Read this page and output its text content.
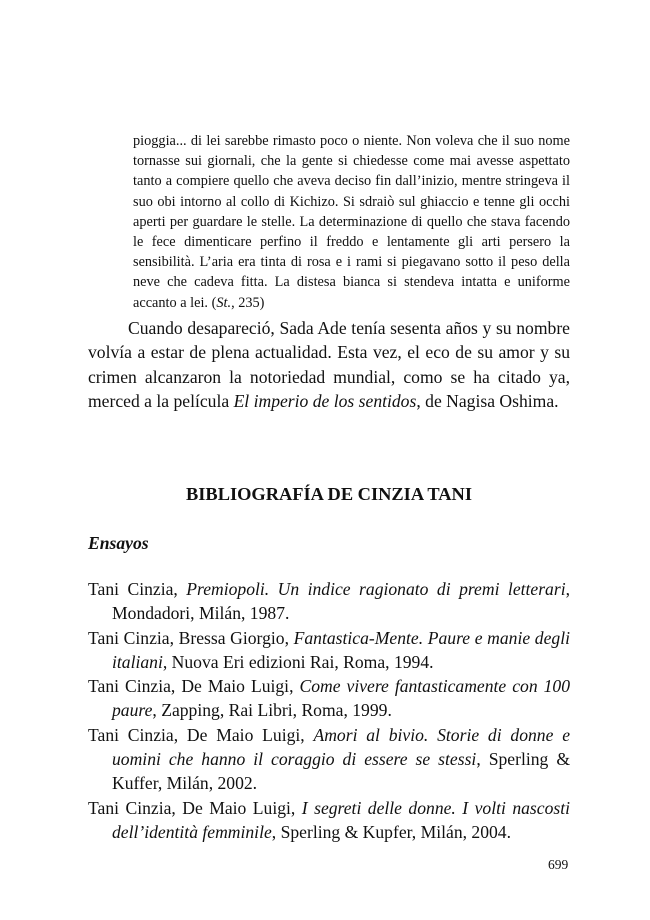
pioggia... di lei sarebbe rimasto poco o niente. Non voleva che il suo nome tornasse sui giornali, che la gente si chiedesse come mai avesse aspettato tanto a compiere quello che aveva deciso fin dall’inizio, mentre stringeva il suo obi intorno al collo di Kichizo. Si sdraiò sul ghiaccio e tenne gli occhi aperti per guardare le stelle. La determinazione di quello che stava facendo le fece dimenticare perfino il freddo e lentamente gli arti persero la sensibilità. L’aria era tinta di rosa e i rami si piegavano sotto il peso della neve che cadeva fitta. La distesa bianca si stendeva intatta e uniforme accanto a lei. (St., 235)

Cuando desapareció, Sada Ade tenía sesenta años y su nombre volvía a estar de plena actualidad. Esta vez, el eco de su amor y su crimen alcanzaron la notoriedad mundial, como se ha citado ya, merced a la película El imperio de los sentidos, de Nagisa Oshima.

BIBLIOGRAFÍA DE CINZIA TANI
Ensayos
Tani Cinzia, Premiopoli. Un indice ragionato di premi letterari, Mondadori, Milán, 1987.
Tani Cinzia, Bressa Giorgio, Fantastica-Mente. Paure e manie degli italiani, Nuova Eri edizioni Rai, Roma, 1994.
Tani Cinzia, De Maio Luigi, Come vivere fantasticamente con 100 paure, Zapping, Rai Libri, Roma, 1999.
Tani Cinzia, De Maio Luigi, Amori al bivio. Storie di donne e uomini che hanno il coraggio di essere se stessi, Sperling & Kuffer, Milán, 2002.
Tani Cinzia, De Maio Luigi, I segreti delle donne. I volti nascosti dell’identità femminile, Sperling & Kupfer, Milán, 2004.

699
